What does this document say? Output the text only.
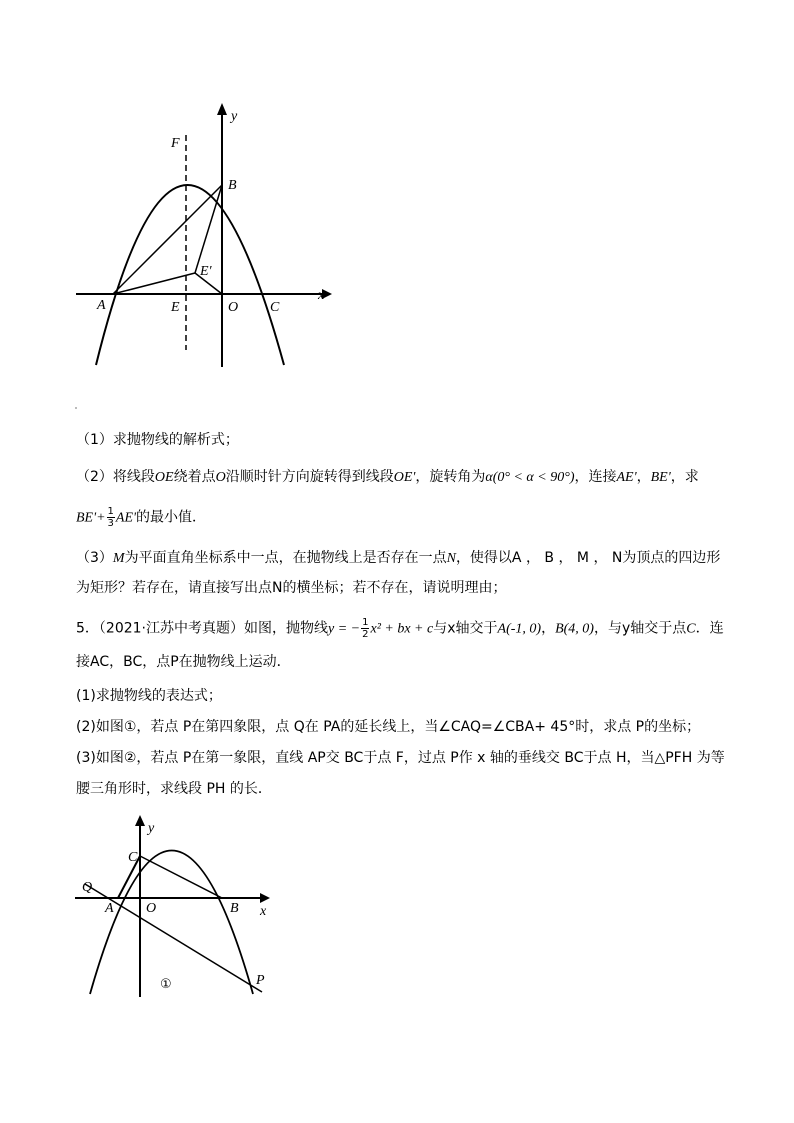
y
x
F
B
E′
A	E	O C
（1）求抛物线的解析式；
（2）将线段OE绕着点O沿顺时针方向旋转得到线段OE'，旋转角为α(0° < α < 90°)，连接AE'，BE'，求
$BE'+ \frac{1}{3} AE'$的最小值．
（3）M为平面直角坐标系中一点，在抛物线上是否存在一点N，使得以A ， B ， M ， N为顶点的四边形
为矩形？若存在，请直接写出点N的横坐标；若不存在，请说明理由；
5．（2021·江苏中考真题）如图，抛物线y = − $\frac{1}{2} x^2$ + bx + c与x轴交于A(-1, 0)，B(4, 0)，与y轴交于点C．连
接AC，BC，点P在抛物线上运动．
(1)求抛物线的表达式；
(2)如图①，若点 P在第四象限，点 Q在 PA的延长线上，当∠CAQ=∠CBA+ 45°时，求点 P的坐标；
(3)如图②，若点 P在第一象限，直线 AP交 BC于点 F，过点 P作 x 轴的垂线交 BC于点 H，当△PFH 为等
腰三角形时，求线段 PH 的长．
y
x
C
Q
A O	B
P
①
